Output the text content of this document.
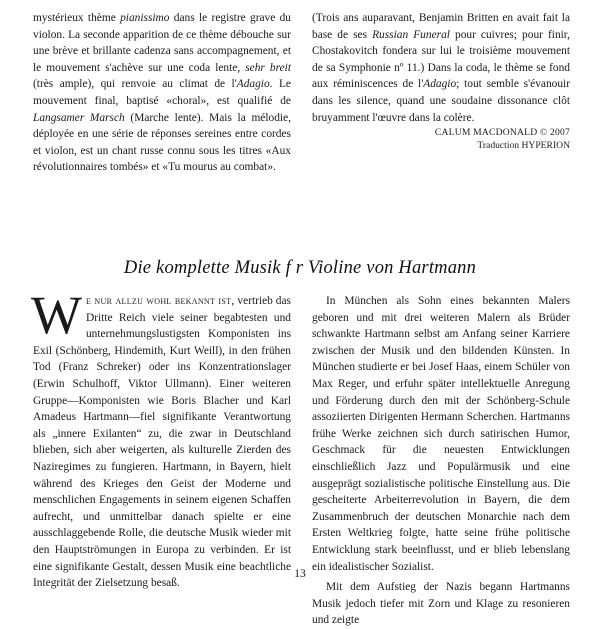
mystérieux thème pianissimo dans le registre grave du violon. La seconde apparition de ce thème débouche sur une brève et brillante cadenza sans accompagnement, et le mouvement s'achève sur une coda lente, sehr breit (très ample), qui renvoie au climat de l'Adagio. Le mouvement final, baptisé «choral», est qualifié de Langsamer Marsch (Marche lente). Mais la mélodie, déployée en une série de réponses sereines entre cordes et violon, est un chant russe connu sous les titres «Aux révolutionnaires tombés» et «Tu mourus au combat».

(Trois ans auparavant, Benjamin Britten en avait fait la base de ses Russian Funeral pour cuivres; pour finir, Chostakovitch fondera sur lui le troisième mouvement de sa Symphonie nº 11.) Dans la coda, le thème se fond aux réminiscences de l'Adagio; tout semble s'évanouir dans les silence, quand une soudaine dissonance clôt bruyamment l'œuvre dans la colère.

CALUM MACDONALD © 2007
Traduction HYPERION
Die komplette Musik f r Violine von Hartmann

We nur allzu wohl bekannt ist, vertrieb das Dritte Reich viele seiner begabtesten und unternehmungslustigsten Komponisten ins Exil (Schönberg, Hindemith, Kurt Weill), in den frühen Tod (Franz Schreker) oder ins Konzentrationslager (Erwin Schulhoff, Viktor Ullmann). Einer weiteren Gruppe—Komponisten wie Boris Blacher und Karl Amadeus Hartmann—fiel signifikante Verantwortung als „innere Exilanten“ zu, die zwar in Deutschland blieben, sich aber weigerten, als kulturelle Zierden des Naziregimes zu fungieren. Hartmann, in Bayern, hielt während des Krieges den Geist der Moderne und menschlichen Engagements in seinem eigenen Schaffen aufrecht, und unmittelbar danach spielte er eine ausschlaggebende Rolle, die deutsche Musik wieder mit den Hauptströmungen in Europa zu verbinden. Er ist eine signifikante Gestalt, dessen Musik eine beachtliche Integrität der Zielsetzung besaß.

In München als Sohn eines bekannten Malers geboren und mit drei weiteren Malern als Brüder schwankte Hartmann selbst am Anfang seiner Karriere zwischen der Musik und den bildenden Künsten. In München studierte er bei Josef Haas, einem Schüler von Max Reger, und erfuhr später intellektuelle Anregung und Förderung durch den mit der Schönberg-Schule assoziierten Dirigenten Hermann Scherchen. Hartmanns frühe Werke zeichnen sich durch satirischen Humor, Geschmack für die neuesten Entwicklungen einschließlich Jazz und Populärmusik und eine ausgeprägt sozialistische politische Einstellung aus. Die gescheiterte Arbeiterrevolution in Bayern, die dem Zusammenbruch der deutschen Monarchie nach dem Ersten Weltkrieg folgte, hatte seine frühe politische Entwicklung stark beeinflusst, und er blieb lebenslang ein idealistischer Sozialist.

Mit dem Aufstieg der Nazis begann Hartmanns Musik jedoch tiefer mit Zorn und Klage zu resonieren und zeigte

13
